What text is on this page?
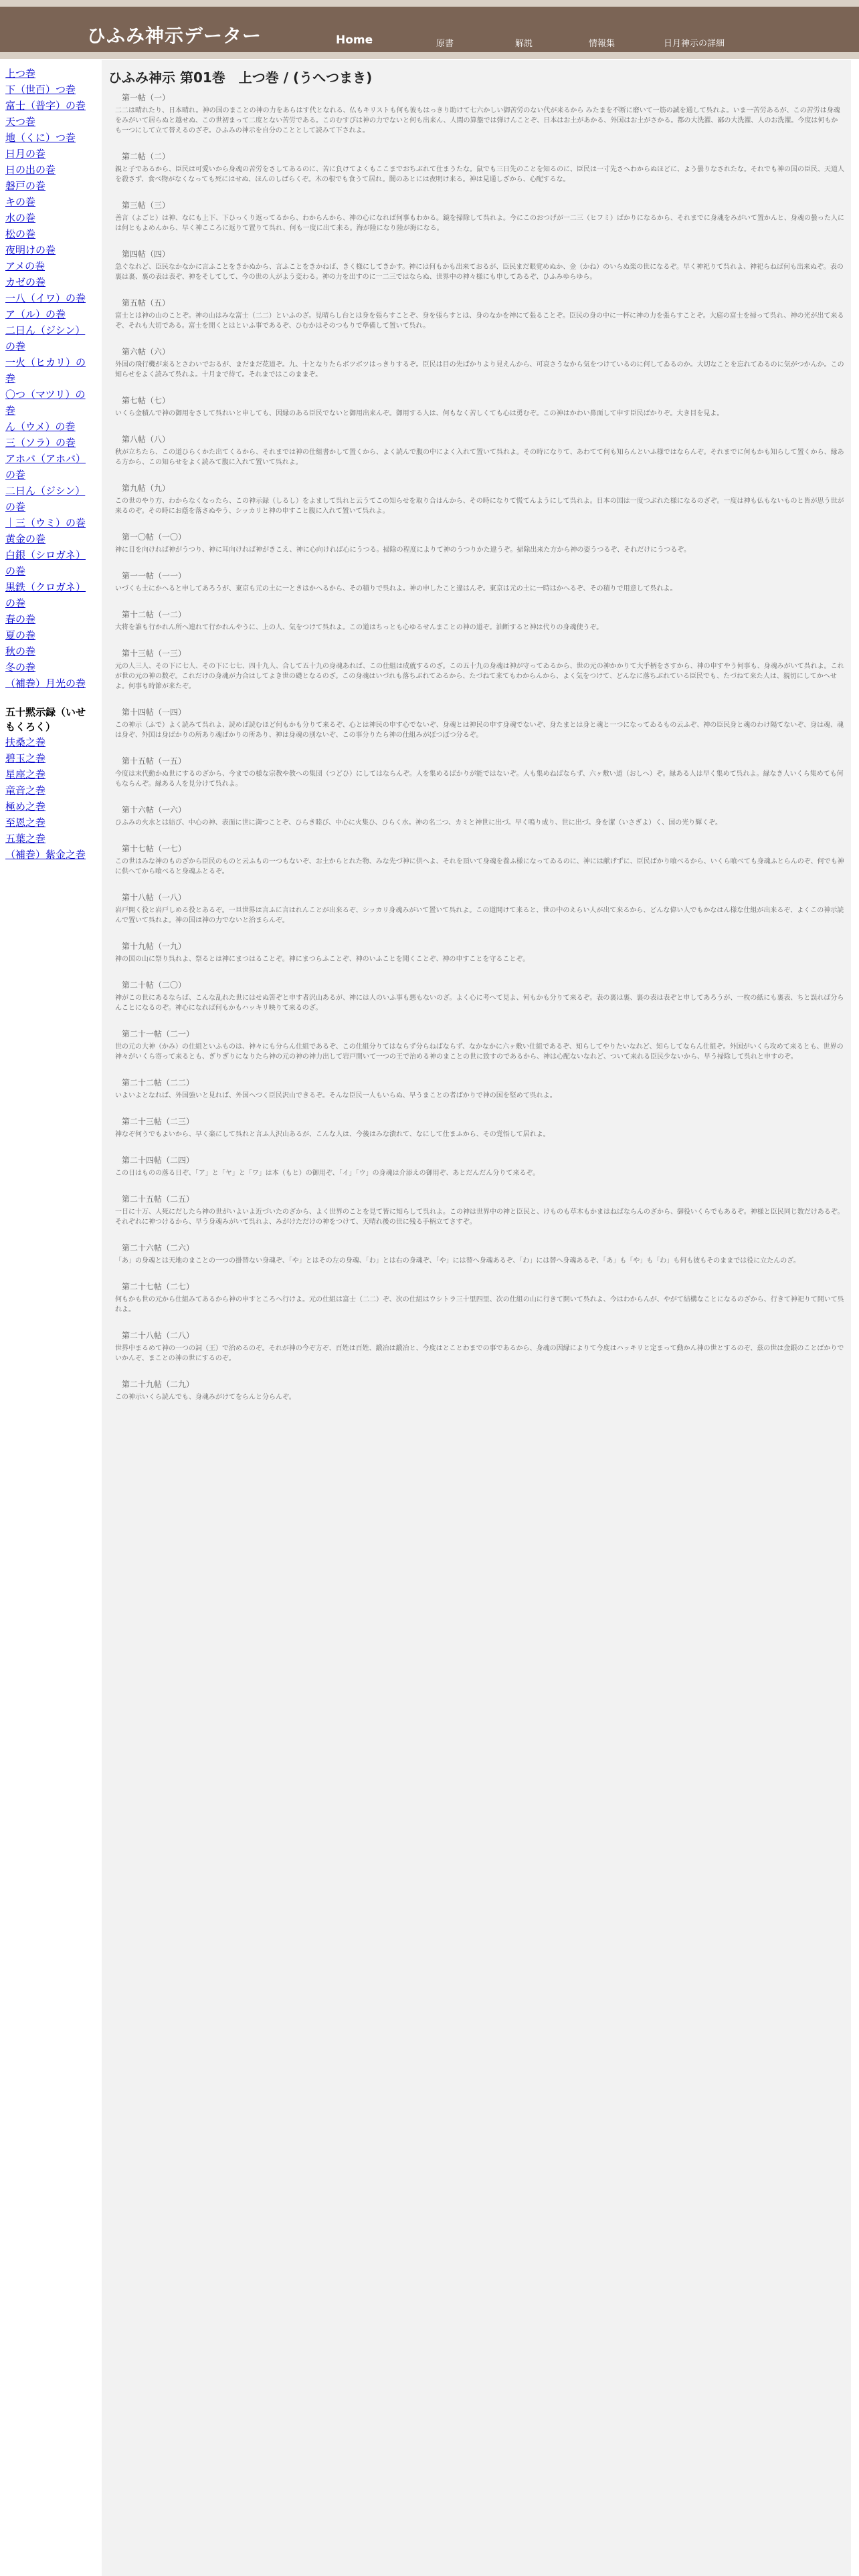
ひふみ神示データー	Home	原書	解説	情報集	日月神示の詳細
上つ巻
下（世百）つ巻
富士（普字）の巻
天つ巻
地（くに）つ巻
日月の巻
日の出の巻
磐戸の巻
キの巻
水の巻
松の巻
夜明けの巻
アメの巻
カゼの巻
一八（イワ）の巻
ア（ル）の巻
二日ん（ジシン）の巻
一火（ヒカリ）の巻
〇つ（マツリ）の巻
ん（ウメ）の巻
三（ソラ）の巻
アホバ（アホバ）の巻
二日ん（ジシン）の巻
｜三（ウミ）の巻
黄金の巻
白銀（シロガネ）の巻
黒鉄（クロガネ）の巻
春の巻
夏の巻
秋の巻
冬の巻
（補巻）月光の巻
五十黙示録（いせもくろく）
扶桑之巻
碧玉之巻
星座之巻
竜音之巻
極め之巻
至恩之巻
五葉之巻
（補巻）紫金之巻
ひふみ神示 第01巻　上つ巻 / (うへつまき)
第一帖（一）

二二は晴れたり、日本晴れ。神の国のまことの神の力をあらはす代となれる、仏もキリストも何も彼もはっきり助けて七六かしい御苦労のない代が来るから みたまを不断に磨いて一筋の誠を通して呉れよ。いま一苦労あるが、この苦労は身魂をみがいて居らぬと越せぬ、この世初まって二度とない苦労である。このむすびは神の力でないと何も出来ん、人間の算盤では弾けんことぞ、日本はお土があかる、外国はお土がさかる。都の大洗濯、鄙の大洗濯、人のお洗濯。今度は何もかも一つにして立て替えるのざぞ。ひふみの神示を自分のこととして読みて下されよ。

第二帖（二）

親と子であるから、臣民は可愛いから身魂の苦労をさしてあるのに、苦に負けてよくもここまでおちぶれて仕まうたな。鼠でも三日先のことを知るのに、臣民は一寸先さへわからぬほどに、よう曇りなされたな。それでも神の国の臣民、天道人を殺さず、食べ物がなくなっても死にはせぬ、ほんのしばらくぞ。木の根でも食うて居れ。闇のあとには夜明け来る。神は見通しざから、心配するな。

第三帖（三）

善言（よごと）は神、なにも上下、下ひっくり返ってるから、わからんから、神の心になれば何事もわかる。鏡を掃除して呉れよ。今にこのおつげが一二三（ヒフミ）ばかりになるから、それまでに身魂をみがいて置かんと、身魂の曇った人には何ともよめんから、早く神こころに返りて置りて呉れ、何も一度に出て来る。海が陸になり陸が海になる。

第四帖（四）

急ぐなれど、臣民なかなかに言ふことをきかぬから、言ふことをきかねば、きく様にしてきかす。神には何もかも出来ておるが、臣民まだ眼覚めぬか、金（かね）のいらぬ楽の世になるぞ。早く神祀りて呉れよ、神祀らねば何も出来ぬぞ。表の裏は裏、裏の表は表ぞ、神をそしてして、今の世の人がよう変わる。神の力を出すのに一二三ではならぬ、世界中の神々様にも申してあるぞ、ひふみゆらゆら。

第五帖（五）

富士とは神の山のことぞ。神の山はみな富士（二二）といふのざ。見晴らし台とは身を張らすことぞ、身を張らすとは、身のなかを神にて張ることぞ。臣民の身の中に一杯に神の力を張らすことぞ。大庭の富士を掃って呉れ、神の光が出て来るぞ、それも大切である。富士を開くとはといふ事であるぞ、ひむかはそのつもりで準備して置いて呉れ。

第六帖（六）

外国の飛行機が来るとさわいでおるが、まだまだ花道ぞ。九、十となりたらボツボツはっきりするぞ。臣民は目の先ばかりより見えんから、可哀さうなから気をつけているのに何してゐるのか。大切なことを忘れてゐるのに気がつかんか。この知らせをよく読みて呉れよ。十月まで待て。それまではこのままぞ。

第七帖（七）

いくら金積んで神の御用をさして呉れいと申しても、因縁のある臣民でないと御用出来んぞ。御用する人は、何もなく苦しくても心は勇むぞ。この神はかわい鼻面して申す臣民ばかりぞ。大き目を見よ。

第八帖（八）

秋が立ちたら、この道ひらくかた出てくるから、それまでは神の仕組書かして置くから、よく読んで腹の中によく入れて置いて呉れよ。その時になりて、あわてて何も知らんといふ様ではならんぞ。それまでに何もかも知らして置くから、縁ある方から、この知らせをよく読みて腹に入れて置いて呉れよ。

第九帖（九）

この世のやり方、わからなくなったら、この神示録（しるし）をよまして呉れと云うてこの知らせを取り合はんから、その時になりて慌てんようにして呉れよ。日本の国は一度つぶれた様になるのざぞ。一度は神も仏もないものと皆が思う世が来るのぞ。その時にお蔭を落さぬやう、シッカリと神の申すこと腹に入れて置いて呉れよ。

第一〇帖（一〇）

神に目を向ければ神がうつり、神に耳向ければ神がきこえ、神に心向ければ心にうつる。掃除の程度によりて神のうつりかた違うぞ。掃除出来た方から神の姿うつるぞ、それだけにうつるぞ。

第一一帖（一一）

いづくも土にかへると申してあろうが、東京も元の土に一ときはかへるから、その積りで呉れよ。神の申したこと違はんぞ。東京は元の土に一時はかへるぞ、その積りで用意して呉れよ。

第十二帖（一二）

大将を誰も行かれん所へ連れて行かれんやうに、上の人、気をつけて呉れよ。この道はちっとも心ゆるせんまことの神の道ぞ。油断すると神は代りの身魂使うぞ。

第十三帖（一三）

元の人三人、その下に七人、その下に七七、四十九人、合して五十九の身魂あれば、この仕組は成就するのざ。この五十九の身魂は神が守ってゐるから、世の元の神かかりて大手柄をさすから、神の申すやう何事も、身魂みがいて呉れよ。これが世の元の神の数ぞ。これだけの身魂が力合はしてよき世の礎となるのざ。この身魂はいづれも落ちぶれてゐるから、たづねて来てもわからんから、よく気をつけて、どんなに落ちぶれている臣民でも、たづねて来た人は、親切にしてかへせよ。何事も時節が来たぞ。

第十四帖（一四）

この神示（ふで）よく読みて呉れよ、読めば読むほど何もかも分りて来るぞ、心とは神民の申す心でないぞ、身魂とは神民の申す身魂でないぞ、身たまとは身と魂と一つになってゐるもの云ふぞ、神の臣民身と魂のわけ隔てないぞ、身は魂、魂は身ぞ、外国は身ばかりの所あり魂ばかりの所あり、神は身魂の別ないぞ、この事分りたら神の仕組みがぼつぼつ分るぞ。

第十五帖（一五）

今度は末代動かぬ世にするのざから、今までの様な宗教や教への集団（つどひ）にしてはならんぞ。人を集めるばかりが能ではないぞ。人も集めねばならず、六ヶ敷い道（おしへ）ぞ。縁ある人は早く集めて呉れよ。縁なき人いくら集めても何もならんぞ。縁ある人を見分けて呉れよ。

第十六帖（一六）

ひふみの火水とは結び、中心の神、表面に世に満つことぞ、ひらき睦び、中心に火集ひ、ひらく水。神の名二つ、カミと神世に出づ。早く鳴り成り、世に出づ。身を潔（いさぎよ）く、国の光り輝くぞ。

第十七帖（一七）

この世はみな神のものざから臣民のものと云ふもの一つもないぞ、お土からとれた物、みな先づ神に供へよ、それを頂いて身魂を養ふ様になってゐるのに、神には献げずに、臣民ばかり喰べるから、いくら喰べても身魂ふとらんのぞ、何でも神に供へてから喰べると身魂ふとるぞ。

第十八帖（一八）

岩戸開く役と岩戸しめる役とあるぞ。一旦世界は言ふに言はれんことが出来るぞ、シッカリ身魂みがいて置いて呉れよ。この道開けて来ると、世の中のえらい人が出て来るから、どんな偉い人でもかなはん様な仕組が出来るぞ、よくこの神示読んで置いて呉れよ。神の国は神の力でないと治まらんぞ。

第十九帖（一九）

神の国の山に祭り呉れよ、祭るとは神にまつはることぞ。神にまつらふことぞ、神のいふことを聞くことぞ、神の申すことを守ることぞ。

第二十帖（二〇）

神がこの世にあるならば、こんな乱れた世にはせぬ筈ぞと申す者沢山あるが、神には人のいふ事も悪もないのざ。よく心に考へて見よ、何もかも分りて来るぞ。表の裏は裏、裏の表は表ぞと申してあろうが、一枚の紙にも裏表、ちと誤れば分らんことになるのぞ。神心になれば何もかもハッキリ映りて来るのざ。

第二十一帖（二一）

世の元の大神（かみ）の仕組といふものは、神々にも分らん仕組であるぞ、この仕組分りてはならず分らねばならず、なかなかに六ヶ敷い仕組であるぞ、知らしてやりたいなれど、知らしてならん仕組ぞ。外国がいくら攻めて来るとも、世界の神々がいくら寄って来るとも、ぎりぎりになりたら神の元の神の神力出して岩戸開いて一つの王で治める神のまことの世に致すのであるから、神は心配ないなれど、ついて来れる臣民少ないから、早う掃除して呉れと申すのぞ。

第二十二帖（二二）

いよいよとなれば、外国強いと見れば、外国へつく臣民沢山できるぞ。そんな臣民一人もいらぬ、早うまことの者ばかりで神の国を堅めて呉れよ。

第二十三帖（二三）

神なぞ何うでもよいから、早く楽にして呉れと言ふ人沢山あるが、こんな人は、今後はみな潰れて、なにして仕まふから、その覚悟して居れよ。

第二十四帖（二四）

この日はものの落る日ぞ、「ア」と「ヤ」と「ワ」は本（もと）の御用ぞ、「イ」「ウ」の身魂は介添えの御用ぞ、あとだんだん分りて来るぞ。

第二十五帖（二五）

一日に十万、人死にだしたら神の世がいよいよ近づいたのざから、よく世界のことを見て皆に知らして呉れよ。この神は世界中の神と臣民と、けものも草木もかまはねばならんのざから、御役いくらでもあるぞ。神様と臣民同じ数だけあるぞ。それぞれに神つけるから、早う身魂みがいて呉れよ、みがけただけの神をつけて、天晴れ後の世に残る手柄立てさすぞ。

第二十六帖（二六）

「あ」の身魂とは天地のまことの一つの掛替ない身魂ぞ、「や」とはその左の身魂、「わ」とは右の身魂ぞ、「や」には替へ身魂あるぞ、「わ」には替へ身魂あるぞ、「あ」も「や」も「わ」も何も彼もそのままでは役に立たんのざ。

第二十七帖（二七）

何もかも世の元から仕組みてあるから神の申すところへ行けよ。元の仕組は富士（二二）ぞ、次の仕組はウシトラ三十里四里、次の仕組の山に行きて開いて呉れよ、今はわからんが、やがて結構なことになるのざから、行きて神祀りて開いて呉れよ。

第二十八帖（二八）

世界中まるめて神の一つの詞（王）で治めるのぞ。それが神の今ぞ方ぞ、百姓は百姓、鍛冶は鍛冶と、今度はとことわまでの事であるから、身魂の因縁によりて今度はハッキリと定まって動かん神の世とするのぞ、茲の世は金銀のことばかりでいかんぞ、まことの神の世にするのぞ。

第二十九帖（二九）

この神示いくら読んでも、身魂みがけてをらんと分らんぞ。
